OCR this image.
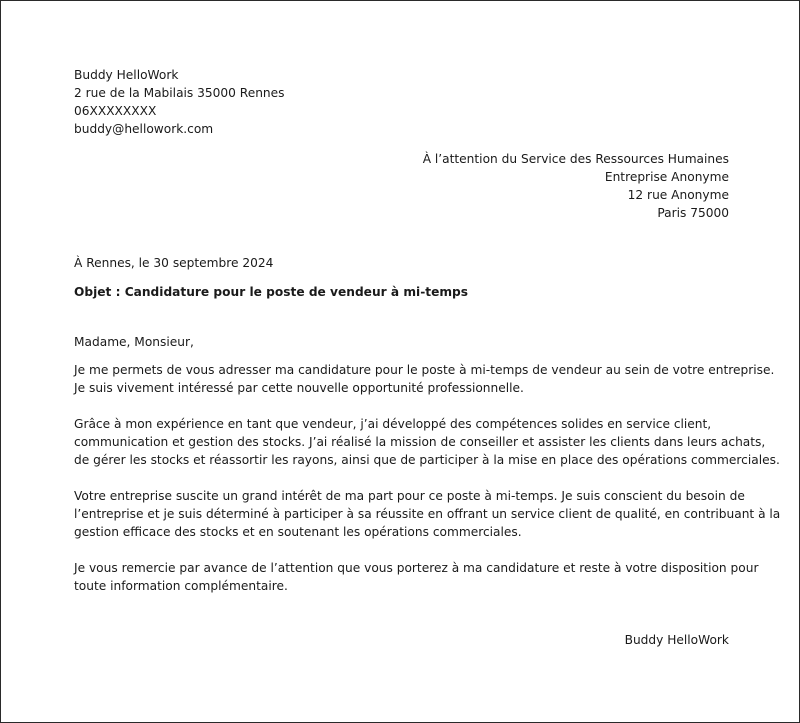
Buddy HelloWork
2 rue de la Mabilais 35000 Rennes
06XXXXXXXX
buddy@hellowork.com
À l’attention du Service des Ressources Humaines
Entreprise Anonyme
12 rue Anonyme
Paris 75000
À Rennes, le 30 septembre 2024
Objet : Candidature pour le poste de vendeur à mi-temps
Madame, Monsieur,
Je me permets de vous adresser ma candidature pour le poste à mi-temps de vendeur au sein de votre entreprise.
Je suis vivement intéressé par cette nouvelle opportunité professionnelle.
Grâce à mon expérience en tant que vendeur, j’ai développé des compétences solides en service client,
communication et gestion des stocks. J’ai réalisé la mission de conseiller et assister les clients dans leurs achats,
de gérer les stocks et réassortir les rayons, ainsi que de participer à la mise en place des opérations commerciales.
Votre entreprise suscite un grand intérêt de ma part pour ce poste à mi-temps. Je suis conscient du besoin de
l’entreprise et je suis déterminé à participer à sa réussite en offrant un service client de qualité, en contribuant à la
gestion efficace des stocks et en soutenant les opérations commerciales.
Je vous remercie par avance de l’attention que vous porterez à ma candidature et reste à votre disposition pour
toute information complémentaire.
Buddy HelloWork
